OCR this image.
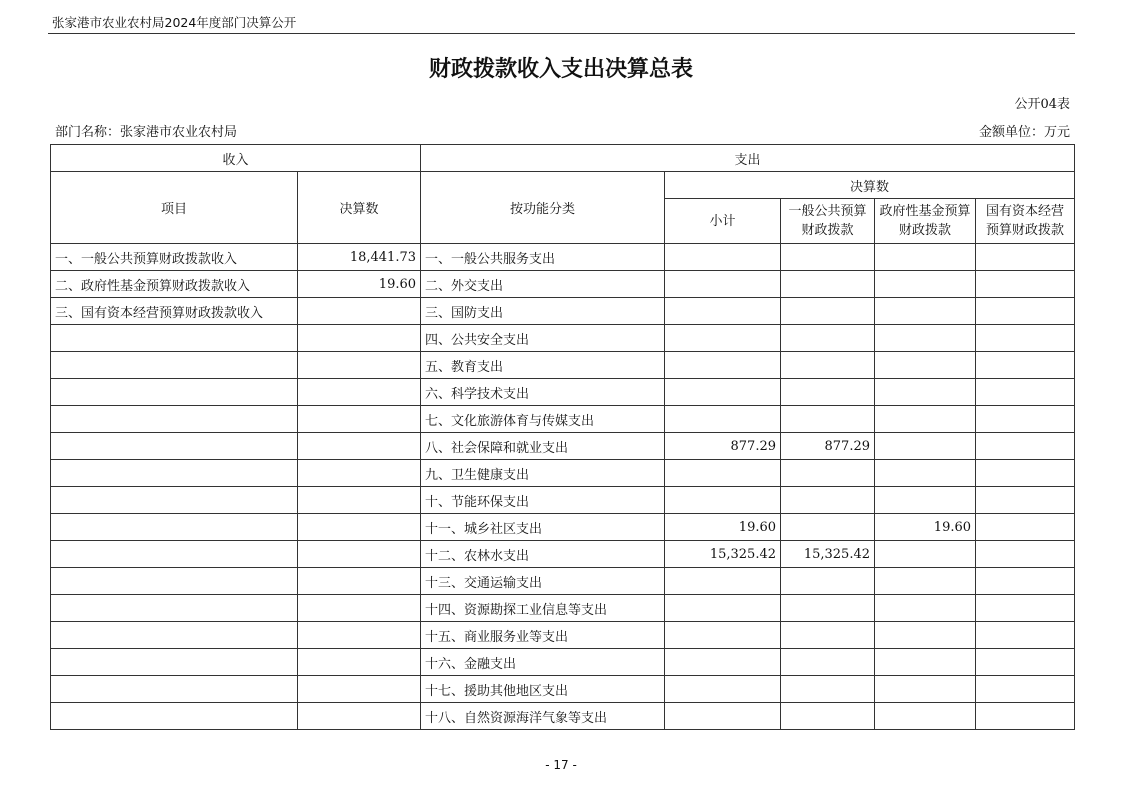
张家港市农业农村局2024年度部门决算公开
财政拨款收入支出决算总表
公开04表
部门名称：张家港市农业农村局	金额单位：万元
收入		支出				
项目	决算数	按功能分类	决算数			
			小计	一般公共预算财政拨款	政府性基金预算财政拨款	国有资本经营预算财政拨款
一、一般公共预算财政拨款收入	18,441.73	一、一般公共服务支出				
二、政府性基金预算财政拨款收入	19.60	二、外交支出				
三、国有资本经营预算财政拨款收入		三、国防支出				
		四、公共安全支出				
		五、教育支出				
		六、科学技术支出				
		七、文化旅游体育与传媒支出				
		八、社会保障和就业支出	877.29	877.29		
		九、卫生健康支出				
		十、节能环保支出				
		十一、城乡社区支出	19.60		19.60	
		十二、农林水支出	15,325.42	15,325.42		
		十三、交通运输支出				
		十四、资源勘探工业信息等支出				
		十五、商业服务业等支出				
		十六、金融支出				
		十七、援助其他地区支出				
		十八、自然资源海洋气象等支出				
- 17 -
